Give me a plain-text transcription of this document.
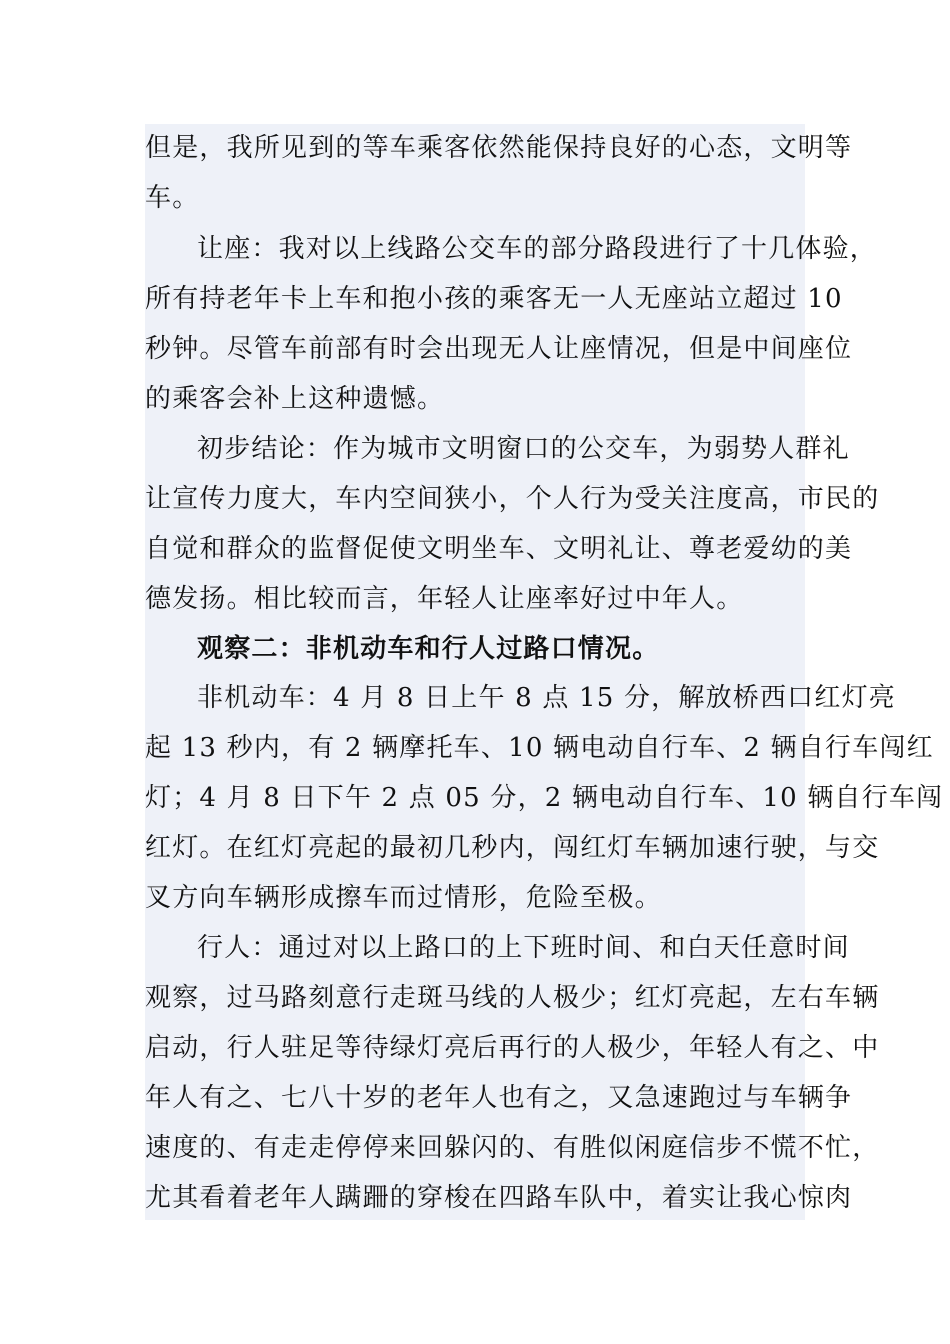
但是，我所见到的等车乘客依然能保持良好的心态，文明等
车。
让座：我对以上线路公交车的部分路段进行了十几体验，
所有持老年卡上车和抱小孩的乘客无一人无座站立超过 10
秒钟。尽管车前部有时会出现无人让座情况，但是中间座位
的乘客会补上这种遗憾。
初步结论：作为城市文明窗口的公交车，为弱势人群礼
让宣传力度大，车内空间狭小，个人行为受关注度高，市民的
自觉和群众的监督促使文明坐车、文明礼让、尊老爱幼的美
德发扬。相比较而言，年轻人让座率好过中年人。
观察二：非机动车和行人过路口情况。
非机动车：4 月 8 日上午 8 点 15 分，解放桥西口红灯亮
起 13 秒内，有 2 辆摩托车、10 辆电动自行车、2 辆自行车闯红
灯；4 月 8 日下午 2 点 05 分，2 辆电动自行车、10 辆自行车闯
红灯。在红灯亮起的最初几秒内，闯红灯车辆加速行驶，与交
叉方向车辆形成擦车而过情形，危险至极。
行人：通过对以上路口的上下班时间、和白天任意时间
观察，过马路刻意行走斑马线的人极少；红灯亮起，左右车辆
启动，行人驻足等待绿灯亮后再行的人极少，年轻人有之、中
年人有之、七八十岁的老年人也有之，又急速跑过与车辆争
速度的、有走走停停来回躲闪的、有胜似闲庭信步不慌不忙，
尤其看着老年人蹒跚的穿梭在四路车队中，着实让我心惊肉
